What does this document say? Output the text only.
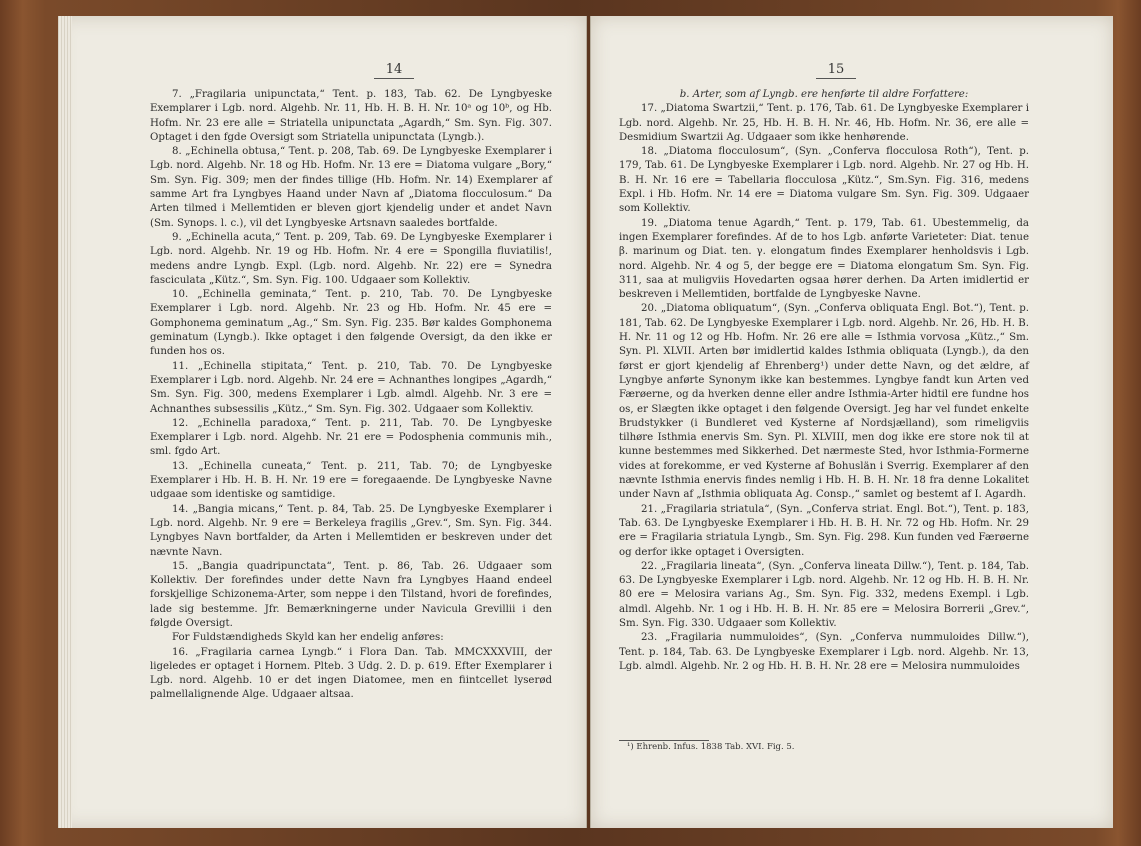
14

7. „Fragilaria unipunctata,“ Tent. p. 183, Tab. 62. De Lyngbyeske Exemplarer i Lgb. nord. Algehb. Nr. 11, Hb. H. B. H. Nr. 10ᵃ og 10ᵇ, og Hb. Hofm. Nr. 23 ere alle = Striatella unipunctata „Agardh,“ Sm. Syn. Fig. 307. Optaget i den fgde Oversigt som Striatella unipunctata (Lyngb.).

8. „Echinella obtusa,“ Tent. p. 208, Tab. 69. De Lyngbyeske Exemplarer i Lgb. nord. Algehb. Nr. 18 og Hb. Hofm. Nr. 13 ere = Diatoma vulgare „Bory,“ Sm. Syn. Fig. 309; men der findes tillige (Hb. Hofm. Nr. 14) Exemplarer af samme Art fra Lyngbyes Haand under Navn af „Diatoma flocculosum.“ Da Arten tilmed i Mellemtiden er bleven gjort kjendelig under et andet Navn (Sm. Synops. l. c.), vil det Lyngbyeske Artsnavn saaledes bortfalde.

9. „Echinella acuta,“ Tent. p. 209, Tab. 69. De Lyngbyeske Exemplarer i Lgb. nord. Algehb. Nr. 19 og Hb. Hofm. Nr. 4 ere = Spongilla fluviatilis!, medens andre Lyngb. Expl. (Lgb. nord. Algehb. Nr. 22) ere = Synedra fasciculata „Kütz.“, Sm. Syn. Fig. 100. Udgaaer som Kollektiv.

10. „Echinella geminata,“ Tent. p. 210, Tab. 70. De Lyngbyeske Exemplarer i Lgb. nord. Algehb. Nr. 23 og Hb. Hofm. Nr. 45 ere = Gomphonema geminatum „Ag.,“ Sm. Syn. Fig. 235. Bør kaldes Gomphonema geminatum (Lyngb.). Ikke optaget i den følgende Oversigt, da den ikke er funden hos os.

11. „Echinella stipitata,“ Tent. p. 210, Tab. 70. De Lyngbyeske Exemplarer i Lgb. nord. Algehb. Nr. 24 ere = Achnanthes longipes „Agardh,“ Sm. Syn. Fig. 300, medens Exemplarer i Lgb. almdl. Algehb. Nr. 3 ere = Achnanthes subsessilis „Kütz.,“ Sm. Syn. Fig. 302. Udgaaer som Kollektiv.

12. „Echinella paradoxa,“ Tent. p. 211, Tab. 70. De Lyngbyeske Exemplarer i Lgb. nord. Algehb. Nr. 21 ere = Podosphenia communis mih., sml. fgdo Art.

13. „Echinella cuneata,“ Tent. p. 211, Tab. 70; de Lyngbyeske Exemplarer i Hb. H. B. H. Nr. 19 ere = foregaaende. De Lyngbyeske Navne udgaae som identiske og samtidige.

14. „Bangia micans,“ Tent. p. 84, Tab. 25. De Lyngbyeske Exemplarer i Lgb. nord. Algehb. Nr. 9 ere = Berkeleya fragilis „Grev.“, Sm. Syn. Fig. 344. Lyngbyes Navn bortfalder, da Arten i Mellemtiden er beskreven under det nævnte Navn.

15. „Bangia quadripunctata“, Tent. p. 86, Tab. 26. Udgaaer som Kollektiv. Der forefindes under dette Navn fra Lyngbyes Haand endeel forskjellige Schizonema-Arter, som neppe i den Tilstand, hvori de forefindes, lade sig bestemme. Jfr. Bemærkningerne under Navicula Grevillii i den følgde Oversigt.

For Fuldstændigheds Skyld kan her endelig anføres:

16. „Fragilaria carnea Lyngb.“ i Flora Dan. Tab. MMCXXXVIII, der ligeledes er optaget i Hornem. Plteb. 3 Udg. 2. D. p. 619. Efter Exemplarer i Lgb. nord. Algehb. 10 er det ingen Diatomee, men en fiintcellet lyserød palmellalignende Alge. Udgaaer altsaa.

15

b. Arter, som af Lyngb. ere henførte til aldre Forfattere:

17. „Diatoma Swartzii,“ Tent. p. 176, Tab. 61. De Lyngbyeske Exemplarer i Lgb. nord. Algehb. Nr. 25, Hb. H. B. H. Nr. 46, Hb. Hofm. Nr. 36, ere alle = Desmidium Swartzii Ag. Udgaaer som ikke henhørende.

18. „Diatoma flocculosum“, (Syn. „Conferva flocculosa Roth“), Tent. p. 179, Tab. 61. De Lyngbyeske Exemplarer i Lgb. nord. Algehb. Nr. 27 og Hb. H. B. H. Nr. 16 ere = Tabellaria flocculosa „Kütz.“, Sm.Syn. Fig. 316, medens Expl. i Hb. Hofm. Nr. 14 ere = Diatoma vulgare Sm. Syn. Fig. 309. Udgaaer som Kollektiv.

19. „Diatoma tenue Agardh,“ Tent. p. 179, Tab. 61. Ubestemmelig, da ingen Exemplarer forefindes. Af de to hos Lgb. anførte Varieteter: Diat. tenue β. marinum og Diat. ten. γ. elongatum findes Exemplarer henholdsvis i Lgb. nord. Algehb. Nr. 4 og 5, der begge ere = Diatoma elongatum Sm. Syn. Fig. 311, saa at muligviis Hovedarten ogsaa hører derhen. Da Arten imidlertid er beskreven i Mellemtiden, bortfalde de Lyngbyeske Navne.

20. „Diatoma obliquatum“, (Syn. „Conferva obliquata Engl. Bot.“), Tent. p. 181, Tab. 62. De Lyngbyeske Exemplarer i Lgb. nord. Algehb. Nr. 26, Hb. H. B. H. Nr. 11 og 12 og Hb. Hofm. Nr. 26 ere alle = Isthmia vorvosa „Kütz.,“ Sm. Syn. Pl. XLVII. Arten bør imidlertid kaldes Isthmia obliquata (Lyngb.), da den først er gjort kjendelig af Ehrenberg¹) under dette Navn, og det ældre, af Lyngbye anførte Synonym ikke kan bestemmes. Lyngbye fandt kun Arten ved Færøerne, og da hverken denne eller andre Isthmia-Arter hidtil ere fundne hos os, er Slægten ikke optaget i den følgende Oversigt. Jeg har vel fundet enkelte Brudstykker (i Bundleret ved Kysterne af Nordsjælland), som rimeligviis tilhøre Isthmia enervis Sm. Syn. Pl. XLVIII, men dog ikke ere store nok til at kunne bestemmes med Sikkerhed. Det nærmeste Sted, hvor Isthmia-Formerne vides at forekomme, er ved Kysterne af Bohuslän i Sverrig. Exemplarer af den nævnte Isthmia enervis findes nemlig i Hb. H. B. H. Nr. 18 fra denne Lokalitet under Navn af „Isthmia obliquata Ag. Consp.,“ samlet og bestemt af I. Agardh.

21. „Fragilaria striatula“, (Syn. „Conferva striat. Engl. Bot.“), Tent. p. 183, Tab. 63. De Lyngbyeske Exemplarer i Hb. H. B. H. Nr. 72 og Hb. Hofm. Nr. 29 ere = Fragilaria striatula Lyngb., Sm. Syn. Fig. 298. Kun funden ved Færøerne og derfor ikke optaget i Oversigten.

22. „Fragilaria lineata“, (Syn. „Conferva lineata Dillw.“), Tent. p. 184, Tab. 63. De Lyngbyeske Exemplarer i Lgb. nord. Algehb. Nr. 12 og Hb. H. B. H. Nr. 80 ere = Melosira varians Ag., Sm. Syn. Fig. 332, medens Exempl. i Lgb. almdl. Algehb. Nr. 1 og i Hb. H. B. H. Nr. 85 ere = Melosira Borrerii „Grev.“, Sm. Syn. Fig. 330. Udgaaer som Kollektiv.

23. „Fragilaria nummuloides“, (Syn. „Conferva nummuloides Dillw.“), Tent. p. 184, Tab. 63. De Lyngbyeske Exemplarer i Lgb. nord. Algehb. Nr. 13, Lgb. almdl. Algehb. Nr. 2 og Hb. H. B. H. Nr. 28 ere = Melosira nummuloides

¹) Ehrenb. Infus. 1838 Tab. XVI. Fig. 5.
